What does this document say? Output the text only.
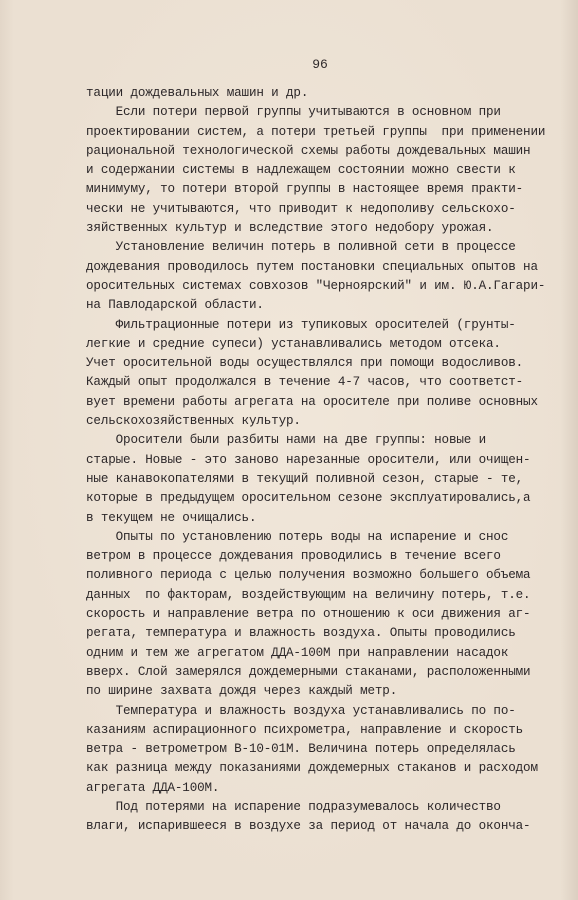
96
тации дождевальных машин и др.
Если потери первой группы учитываются в основном при
проектировании систем, а потери третьей группы  при применении
рациональной технологической схемы работы дождевальных машин
и содержании системы в надлежащем состоянии можно свести к
минимуму, то потери второй группы в настоящее время практи-
чески не учитываются, что приводит к недополиву сельскохо-
зяйственных культур и вследствие этого недобору урожая.
Установление величин потерь в поливной сети в процессе
дождевания проводилось путем постановки специальных опытов на
оросительных системах совхозов "Черноярский" и им. Ю.А.Гагари-
на Павлодарской области.
Фильтрационные потери из тупиковых оросителей (грунты-
легкие и средние супеси) устанавливались методом отсека.
Учет оросительной воды осуществлялся при помощи водосливов.
Каждый опыт продолжался в течение 4-7 часов, что соответст-
вует времени работы агрегата на оросителе при поливе основных
сельскохозяйственных культур.
Оросители были разбиты нами на две группы: новые и
старые. Новые - это заново нарезанные оросители, или очищен-
ные канавокопателями в текущий поливной сезон, старые - те,
которые в предыдущем оросительном сезоне эксплуатировались,а
в текущем не очищались.
Опыты по установлению потерь воды на испарение и снос
ветром в процессе дождевания проводились в течение всего
поливного периода с целью получения возможно большего объема
данных  по факторам, воздействующим на величину потерь, т.е.
скорость и направление ветра по отношению к оси движения аг-
регата, температура и влажность воздуха. Опыты проводились
одним и тем же агрегатом ДДА-100М при направлении насадок
вверх. Слой замерялся дождемерными стаканами, расположенными
по ширине захвата дождя через каждый метр.
Температура и влажность воздуха устанавливались по по-
казаниям аспирационного психрометра, направление и скорость
ветра - ветрометром В-10-01М. Величина потерь определялась
как разница между показаниями дождемерных стаканов и расходом
агрегата ДДА-100М.
Под потерями на испарение подразумевалось количество
влаги, испарившееся в воздухе за период от начала до оконча-
